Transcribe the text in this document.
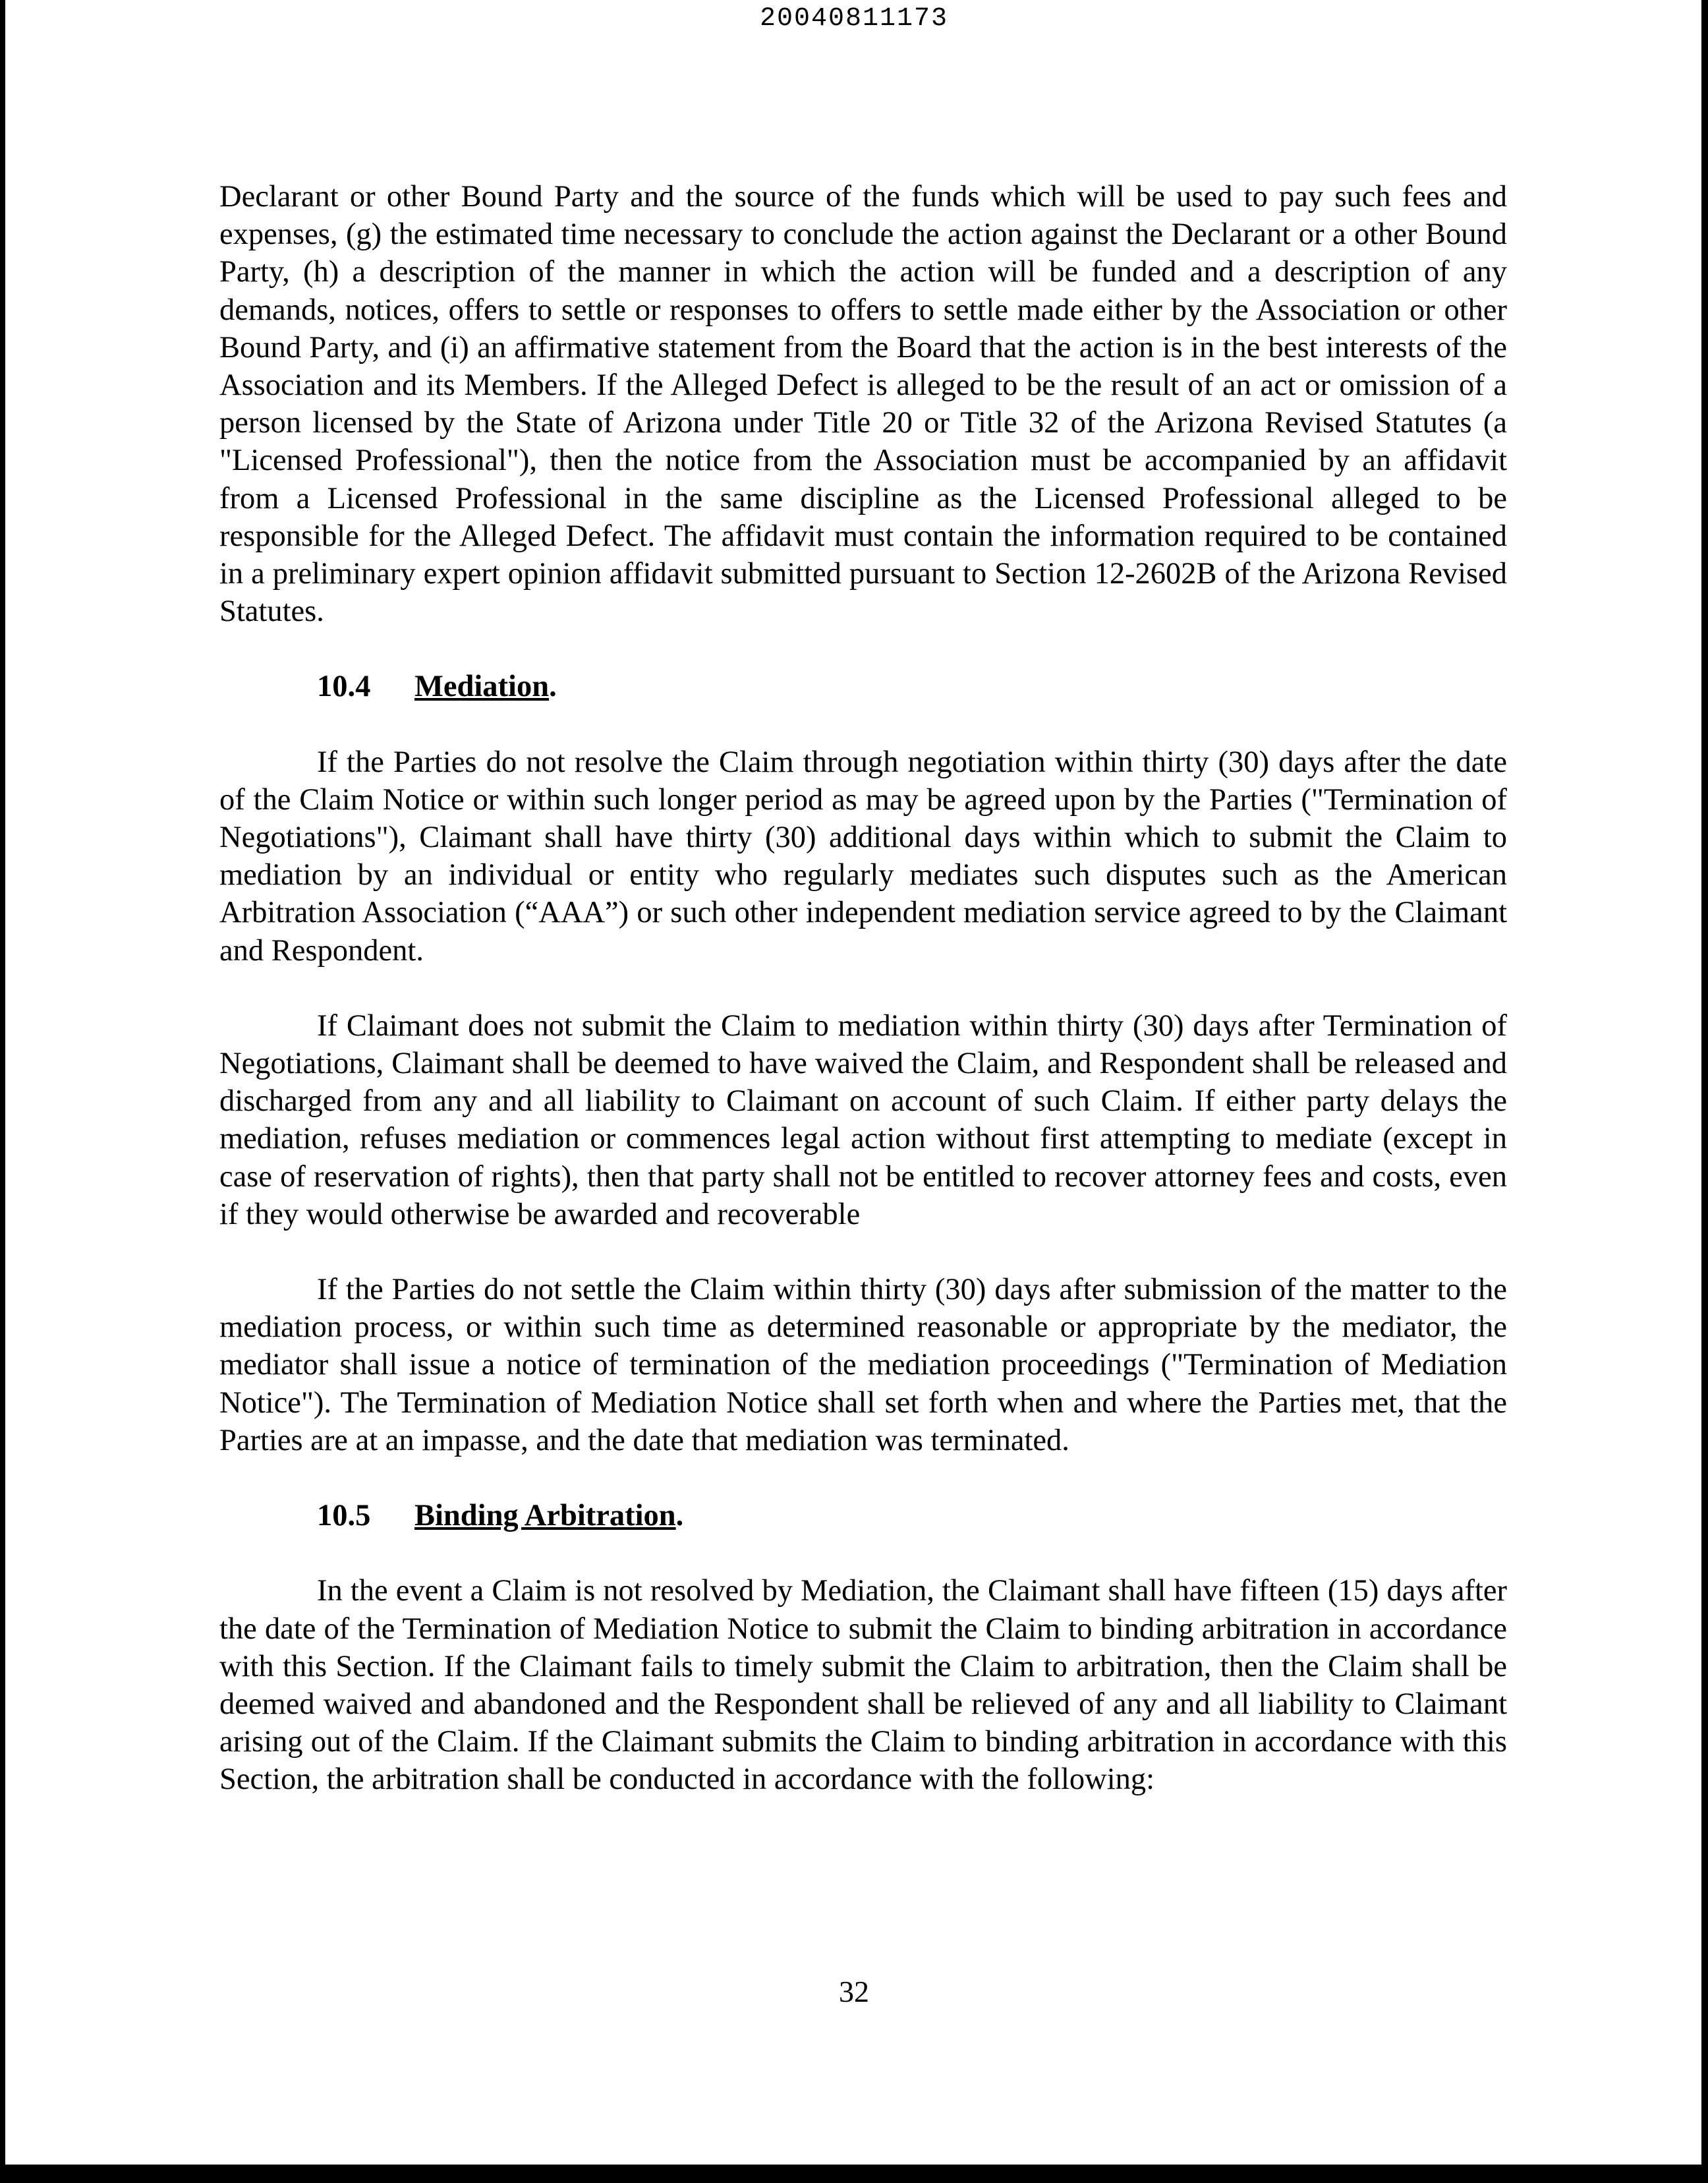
20040811173

Declarant or other Bound Party and the source of the funds which will be used to pay such fees and expenses, (g) the estimated time necessary to conclude the action against the Declarant or a other Bound Party, (h) a description of the manner in which the action will be funded and a description of any demands, notices, offers to settle or responses to offers to settle made either by the Association or other Bound Party, and (i) an affirmative statement from the Board that the action is in the best interests of the Association and its Members. If the Alleged Defect is alleged to be the result of an act or omission of a person licensed by the State of Arizona under Title 20 or Title 32 of the Arizona Revised Statutes (a "Licensed Professional"), then the notice from the Association must be accompanied by an affidavit from a Licensed Professional in the same discipline as the Licensed Professional alleged to be responsible for the Alleged Defect. The affidavit must contain the information required to be contained in a preliminary expert opinion affidavit submitted pursuant to Section 12-2602B of the Arizona Revised Statutes.

10.4 Mediation.

If the Parties do not resolve the Claim through negotiation within thirty (30) days after the date of the Claim Notice or within such longer period as may be agreed upon by the Parties ("Termination of Negotiations"), Claimant shall have thirty (30) additional days within which to submit the Claim to mediation by an individual or entity who regularly mediates such disputes such as the American Arbitration Association (“AAA”) or such other independent mediation service agreed to by the Claimant and Respondent.

If Claimant does not submit the Claim to mediation within thirty (30) days after Termination of Negotiations, Claimant shall be deemed to have waived the Claim, and Respondent shall be released and discharged from any and all liability to Claimant on account of such Claim. If either party delays the mediation, refuses mediation or commences legal action without first attempting to mediate (except in case of reservation of rights), then that party shall not be entitled to recover attorney fees and costs, even if they would otherwise be awarded and recoverable

If the Parties do not settle the Claim within thirty (30) days after submission of the matter to the mediation process, or within such time as determined reasonable or appropriate by the mediator, the mediator shall issue a notice of termination of the mediation proceedings ("Termination of Mediation Notice"). The Termination of Mediation Notice shall set forth when and where the Parties met, that the Parties are at an impasse, and the date that mediation was terminated.

10.5 Binding Arbitration.

In the event a Claim is not resolved by Mediation, the Claimant shall have fifteen (15) days after the date of the Termination of Mediation Notice to submit the Claim to binding arbitration in accordance with this Section. If the Claimant fails to timely submit the Claim to arbitration, then the Claim shall be deemed waived and abandoned and the Respondent shall be relieved of any and all liability to Claimant arising out of the Claim. If the Claimant submits the Claim to binding arbitration in accordance with this Section, the arbitration shall be conducted in accordance with the following:

32
